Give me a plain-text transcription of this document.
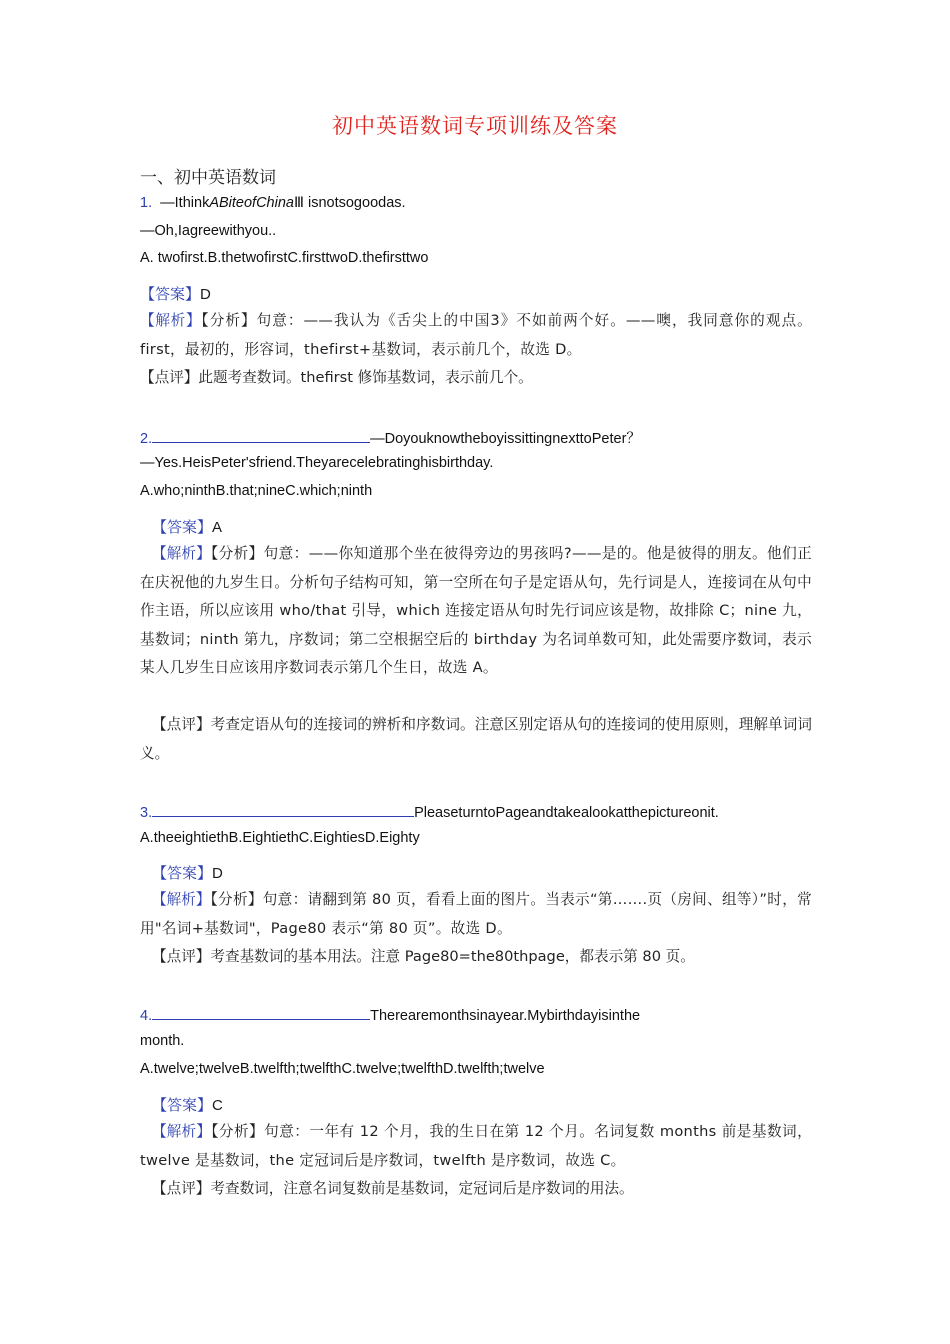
初中英语数词专项训练及答案
一、初中英语数词
1. —IthinkABiteofChinaⅢ isnotsogoodas.
—Oh,Iagreewithyou..
A. twofirst.B.thetwofirstC.firsttwoD.thefirsttwo
【答案】D
【解析】【分析】句意：——我认为《舌尖上的中国3》不如前两个好。——噢，我同意你的观点。first，最初的，形容词，thefirst+基数词，表示前几个，故选 D。
【点评】此题考查数词。thefirst 修饰基数词，表示前几个。
2.	—DoyouknowtheboyissittingnexttoPeter？
—Yes.HeisPeter'sfriend.Theyarecelebratinghisbirthday.
A.who;ninthB.that;nineC.which;ninth
【答案】A
【解析】【分析】句意：——你知道那个坐在彼得旁边的男孩吗?——是的。他是彼得的朋友。他们正在庆祝他的九岁生日。分析句子结构可知，第一空所在句子是定语从句，先行词是人，连接词在从句中作主语，所以应该用 who/that 引导，which 连接定语从句时先行词应该是物，故排除 C；nine 九，基数词；ninth 第九，序数词；第二空根据空后的 birthday 为名词单数可知，此处需要序数词，表示某人几岁生日应该用序数词表示第几个生日，故选 A。
【点评】考查定语从句的连接词的辨析和序数词。注意区别定语从句的连接词的使用原则，理解单词词义。
3.	PleaseturntoPageandtakealookatthepictureonit.
A.theeightiethB.EightiethC.EightiesD.Eighty
【答案】D
【解析】【分析】句意：请翻到第 80 页，看看上面的图片。当表示“第…….页（房间、组等）”时，常用"名词+基数词"，Page80 表示“第 80 页”。故选 D。
【点评】考查基数词的基本用法。注意 Page80=the80thpage，都表示第 80 页。
4.	Therearemonthsinayear.Mybirthdayisinthe
month.
A.twelve;twelveB.twelfth;twelfthC.twelve;twelfthD.twelfth;twelve
【答案】C
【解析】【分析】句意：一年有 12 个月，我的生日在第 12 个月。名词复数 months 前是基数词，twelve 是基数词，the 定冠词后是序数词，twelfth 是序数词，故选 C。
【点评】考查数词，注意名词复数前是基数词，定冠词后是序数词的用法。
